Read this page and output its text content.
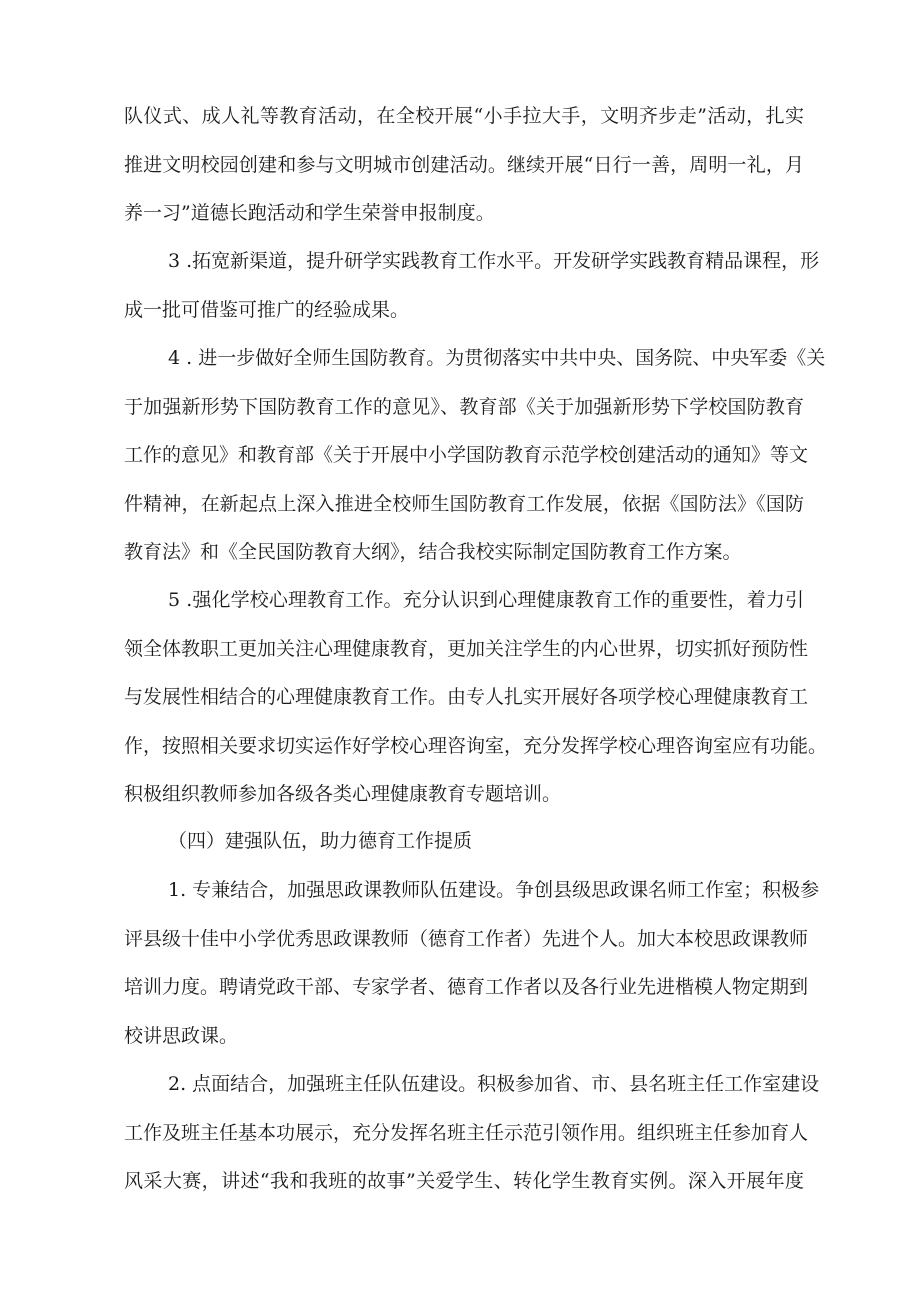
队仪式、成人礼等教育活动，在全校开展“小手拉大手，文明齐步走”活动，扎实
推进文明校园创建和参与文明城市创建活动。继续开展“日行一善，周明一礼，月
养一习”道德长跑活动和学生荣誉申报制度。
3 .拓宽新渠道，提升研学实践教育工作水平。开发研学实践教育精品课程，形
成一批可借鉴可推广的经验成果。
4 . 进一步做好全师生国防教育。为贯彻落实中共中央、国务院、中央军委《关
于加强新形势下国防教育工作的意见》、教育部《关于加强新形势下学校国防教育
工作的意见》和教育部《关于开展中小学国防教育示范学校创建活动的通知》等文
件精神，在新起点上深入推进全校师生国防教育工作发展，依据《国防法》《国防
教育法》和《全民国防教育大纲》，结合我校实际制定国防教育工作方案。
5 .强化学校心理教育工作。充分认识到心理健康教育工作的重要性，着力引
领全体教职工更加关注心理健康教育，更加关注学生的内心世界，切实抓好预防性
与发展性相结合的心理健康教育工作。由专人扎实开展好各项学校心理健康教育工
作，按照相关要求切实运作好学校心理咨询室，充分发挥学校心理咨询室应有功能。
积极组织教师参加各级各类心理健康教育专题培训。
（四）建强队伍，助力德育工作提质
1. 专兼结合，加强思政课教师队伍建设。争创县级思政课名师工作室；积极参
评县级十佳中小学优秀思政课教师（德育工作者）先进个人。加大本校思政课教师
培训力度。聘请党政干部、专家学者、德育工作者以及各行业先进楷模人物定期到
校讲思政课。
2. 点面结合，加强班主任队伍建设。积极参加省、市、县名班主任工作室建设
工作及班主任基本功展示，充分发挥名班主任示范引领作用。组织班主任参加育人
风采大赛，讲述“我和我班的故事”关爱学生、转化学生教育实例。深入开展年度
